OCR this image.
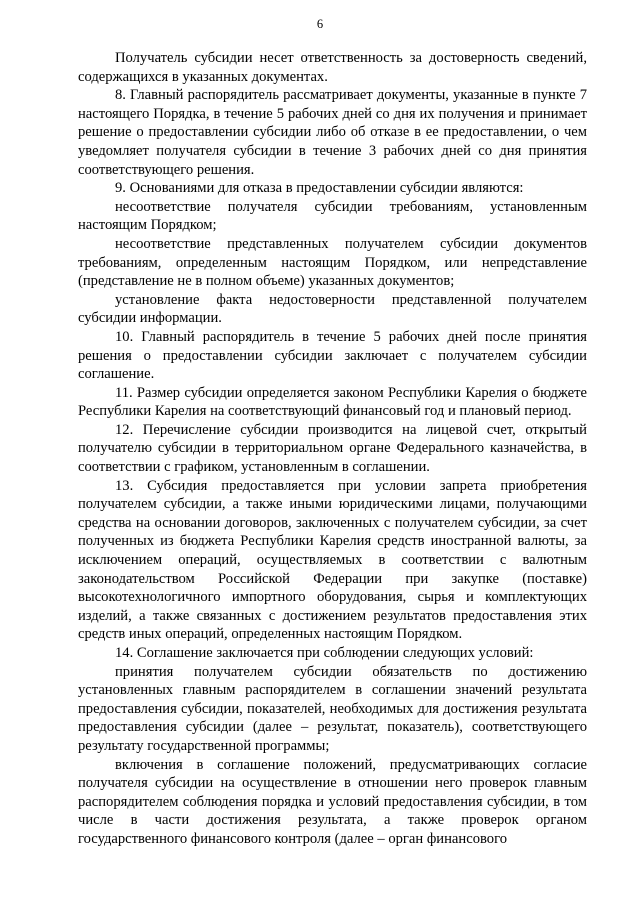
6

Получатель субсидии несет ответственность за достоверность сведений, содержащихся в указанных документах.

8. Главный распорядитель рассматривает документы, указанные в пункте 7 настоящего Порядка, в течение 5 рабочих дней со дня их получения и принимает решение о предоставлении субсидии либо об отказе в ее предоставлении, о чем уведомляет получателя субсидии в течение 3 рабочих дней со дня принятия соответствующего решения.

9. Основаниями для отказа в предоставлении субсидии являются:

несоответствие получателя субсидии требованиям, установленным настоящим Порядком;

несоответствие представленных получателем субсидии документов требованиям, определенным настоящим Порядком, или непредставление (представление не в полном объеме) указанных документов;

установление факта недостоверности представленной получателем субсидии информации.

10. Главный распорядитель в течение 5 рабочих дней после принятия решения о предоставлении субсидии заключает с получателем субсидии соглашение.

11. Размер субсидии определяется законом Республики Карелия о бюджете Республики Карелия на соответствующий финансовый год и плановый период.

12. Перечисление субсидии производится на лицевой счет, открытый получателю субсидии в территориальном органе Федерального казначейства, в соответствии с графиком, установленным в соглашении.

13. Субсидия предоставляется при условии запрета приобретения получателем субсидии, а также иными юридическими лицами, получающими средства на основании договоров, заключенных с получателем субсидии, за счет полученных из бюджета Республики Карелия средств иностранной валюты, за исключением операций, осуществляемых в соответствии с валютным законодательством Российской Федерации при закупке (поставке) высокотехнологичного импортного оборудования, сырья и комплектующих изделий, а также связанных с достижением результатов предоставления этих средств иных операций, определенных настоящим Порядком.

14. Соглашение заключается при соблюдении следующих условий:

принятия получателем субсидии обязательств по достижению установленных главным распорядителем в соглашении значений результата предоставления субсидии, показателей, необходимых для достижения результата предоставления субсидии (далее – результат, показатель), соответствующего результату государственной программы;

включения в соглашение положений, предусматривающих согласие получателя субсидии на осуществление в отношении него проверок главным распорядителем соблюдения порядка и условий предоставления субсидии, в том числе в части достижения результата, а также проверок органом государственного финансового контроля (далее – орган финансового
